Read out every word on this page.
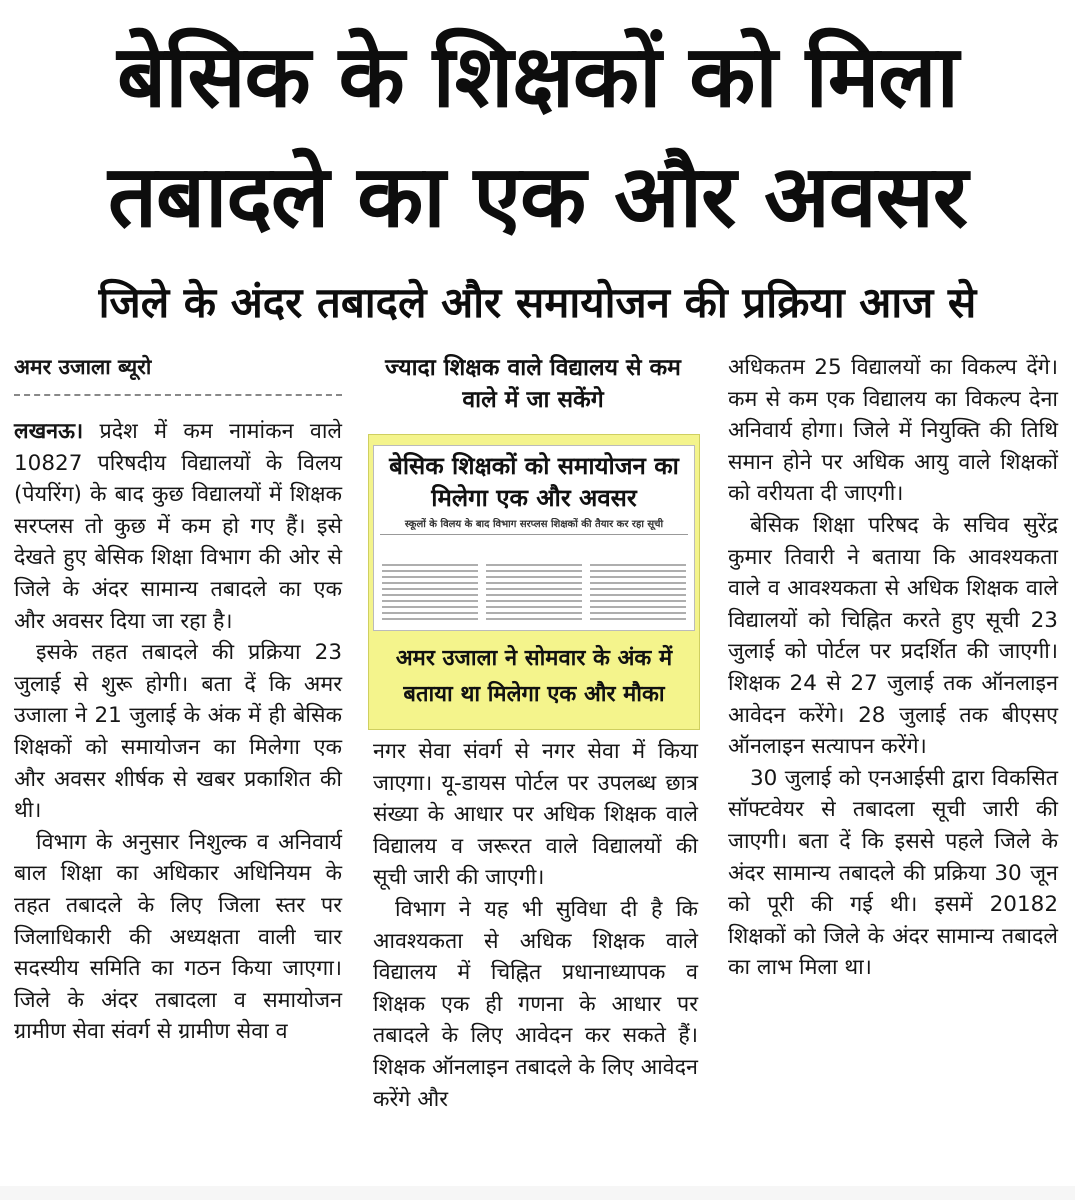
बेसिक के शिक्षकों को मिला
तबादले का एक और अवसर
जिले के अंदर तबादले और समायोजन की प्रक्रिया आज से
अमर उजाला ब्यूरो

लखनऊ। प्रदेश में कम नामांकन वाले 10827 परिषदीय विद्यालयों के विलय (पेयरिंग) के बाद कुछ विद्यालयों में शिक्षक सरप्लस तो कुछ में कम हो गए हैं। इसे देखते हुए बेसिक शिक्षा विभाग की ओर से जिले के अंदर सामान्य तबादले का एक और अवसर दिया जा रहा है।

इसके तहत तबादले की प्रक्रिया 23 जुलाई से शुरू होगी। बता दें कि अमर उजाला ने 21 जुलाई के अंक में ही बेसिक शिक्षकों को समायोजन का मिलेगा एक और अवसर शीर्षक से खबर प्रकाशित की थी।

विभाग के अनुसार निशुल्क व अनिवार्य बाल शिक्षा का अधिकार अधिनियम के तहत तबादले के लिए जिला स्तर पर जिलाधिकारी की अध्यक्षता वाली चार सदस्यीय समिति का गठन किया जाएगा। जिले के अंदर तबादला व समायोजन ग्रामीण सेवा संवर्ग से ग्रामीण सेवा व

ज्यादा शिक्षक वाले विद्यालय से कम वाले में जा सकेंगे
बेसिक शिक्षकों को समायोजन का मिलेगा एक और अवसर
स्कूलों के विलय के बाद विभाग सरप्लस शिक्षकों की तैयार कर रहा सूची
अमर उजाला ने सोमवार के अंक में बताया था मिलेगा एक और मौका

नगर सेवा संवर्ग से नगर सेवा में किया जाएगा। यू-डायस पोर्टल पर उपलब्ध छात्र संख्या के आधार पर अधिक शिक्षक वाले विद्यालय व जरूरत वाले विद्यालयों की सूची जारी की जाएगी।

विभाग ने यह भी सुविधा दी है कि आवश्यकता से अधिक शिक्षक वाले विद्यालय में चिह्नित प्रधानाध्यापक व शिक्षक एक ही गणना के आधार पर तबादले के लिए आवेदन कर सकते हैं। शिक्षक ऑनलाइन तबादले के लिए आवेदन करेंगे और

अधिकतम 25 विद्यालयों का विकल्प देंगे। कम से कम एक विद्यालय का विकल्प देना अनिवार्य होगा। जिले में नियुक्ति की तिथि समान होने पर अधिक आयु वाले शिक्षकों को वरीयता दी जाएगी।

बेसिक शिक्षा परिषद के सचिव सुरेंद्र कुमार तिवारी ने बताया कि आवश्यकता वाले व आवश्यकता से अधिक शिक्षक वाले विद्यालयों को चिह्नित करते हुए सूची 23 जुलाई को पोर्टल पर प्रदर्शित की जाएगी। शिक्षक 24 से 27 जुलाई तक ऑनलाइन आवेदन करेंगे। 28 जुलाई तक बीएसए ऑनलाइन सत्यापन करेंगे।

30 जुलाई को एनआईसी द्वारा विकसित सॉफ्टवेयर से तबादला सूची जारी की जाएगी। बता दें कि इससे पहले जिले के अंदर सामान्य तबादले की प्रक्रिया 30 जून को पूरी की गई थी। इसमें 20182 शिक्षकों को जिले के अंदर सामान्य तबादले का लाभ मिला था।
